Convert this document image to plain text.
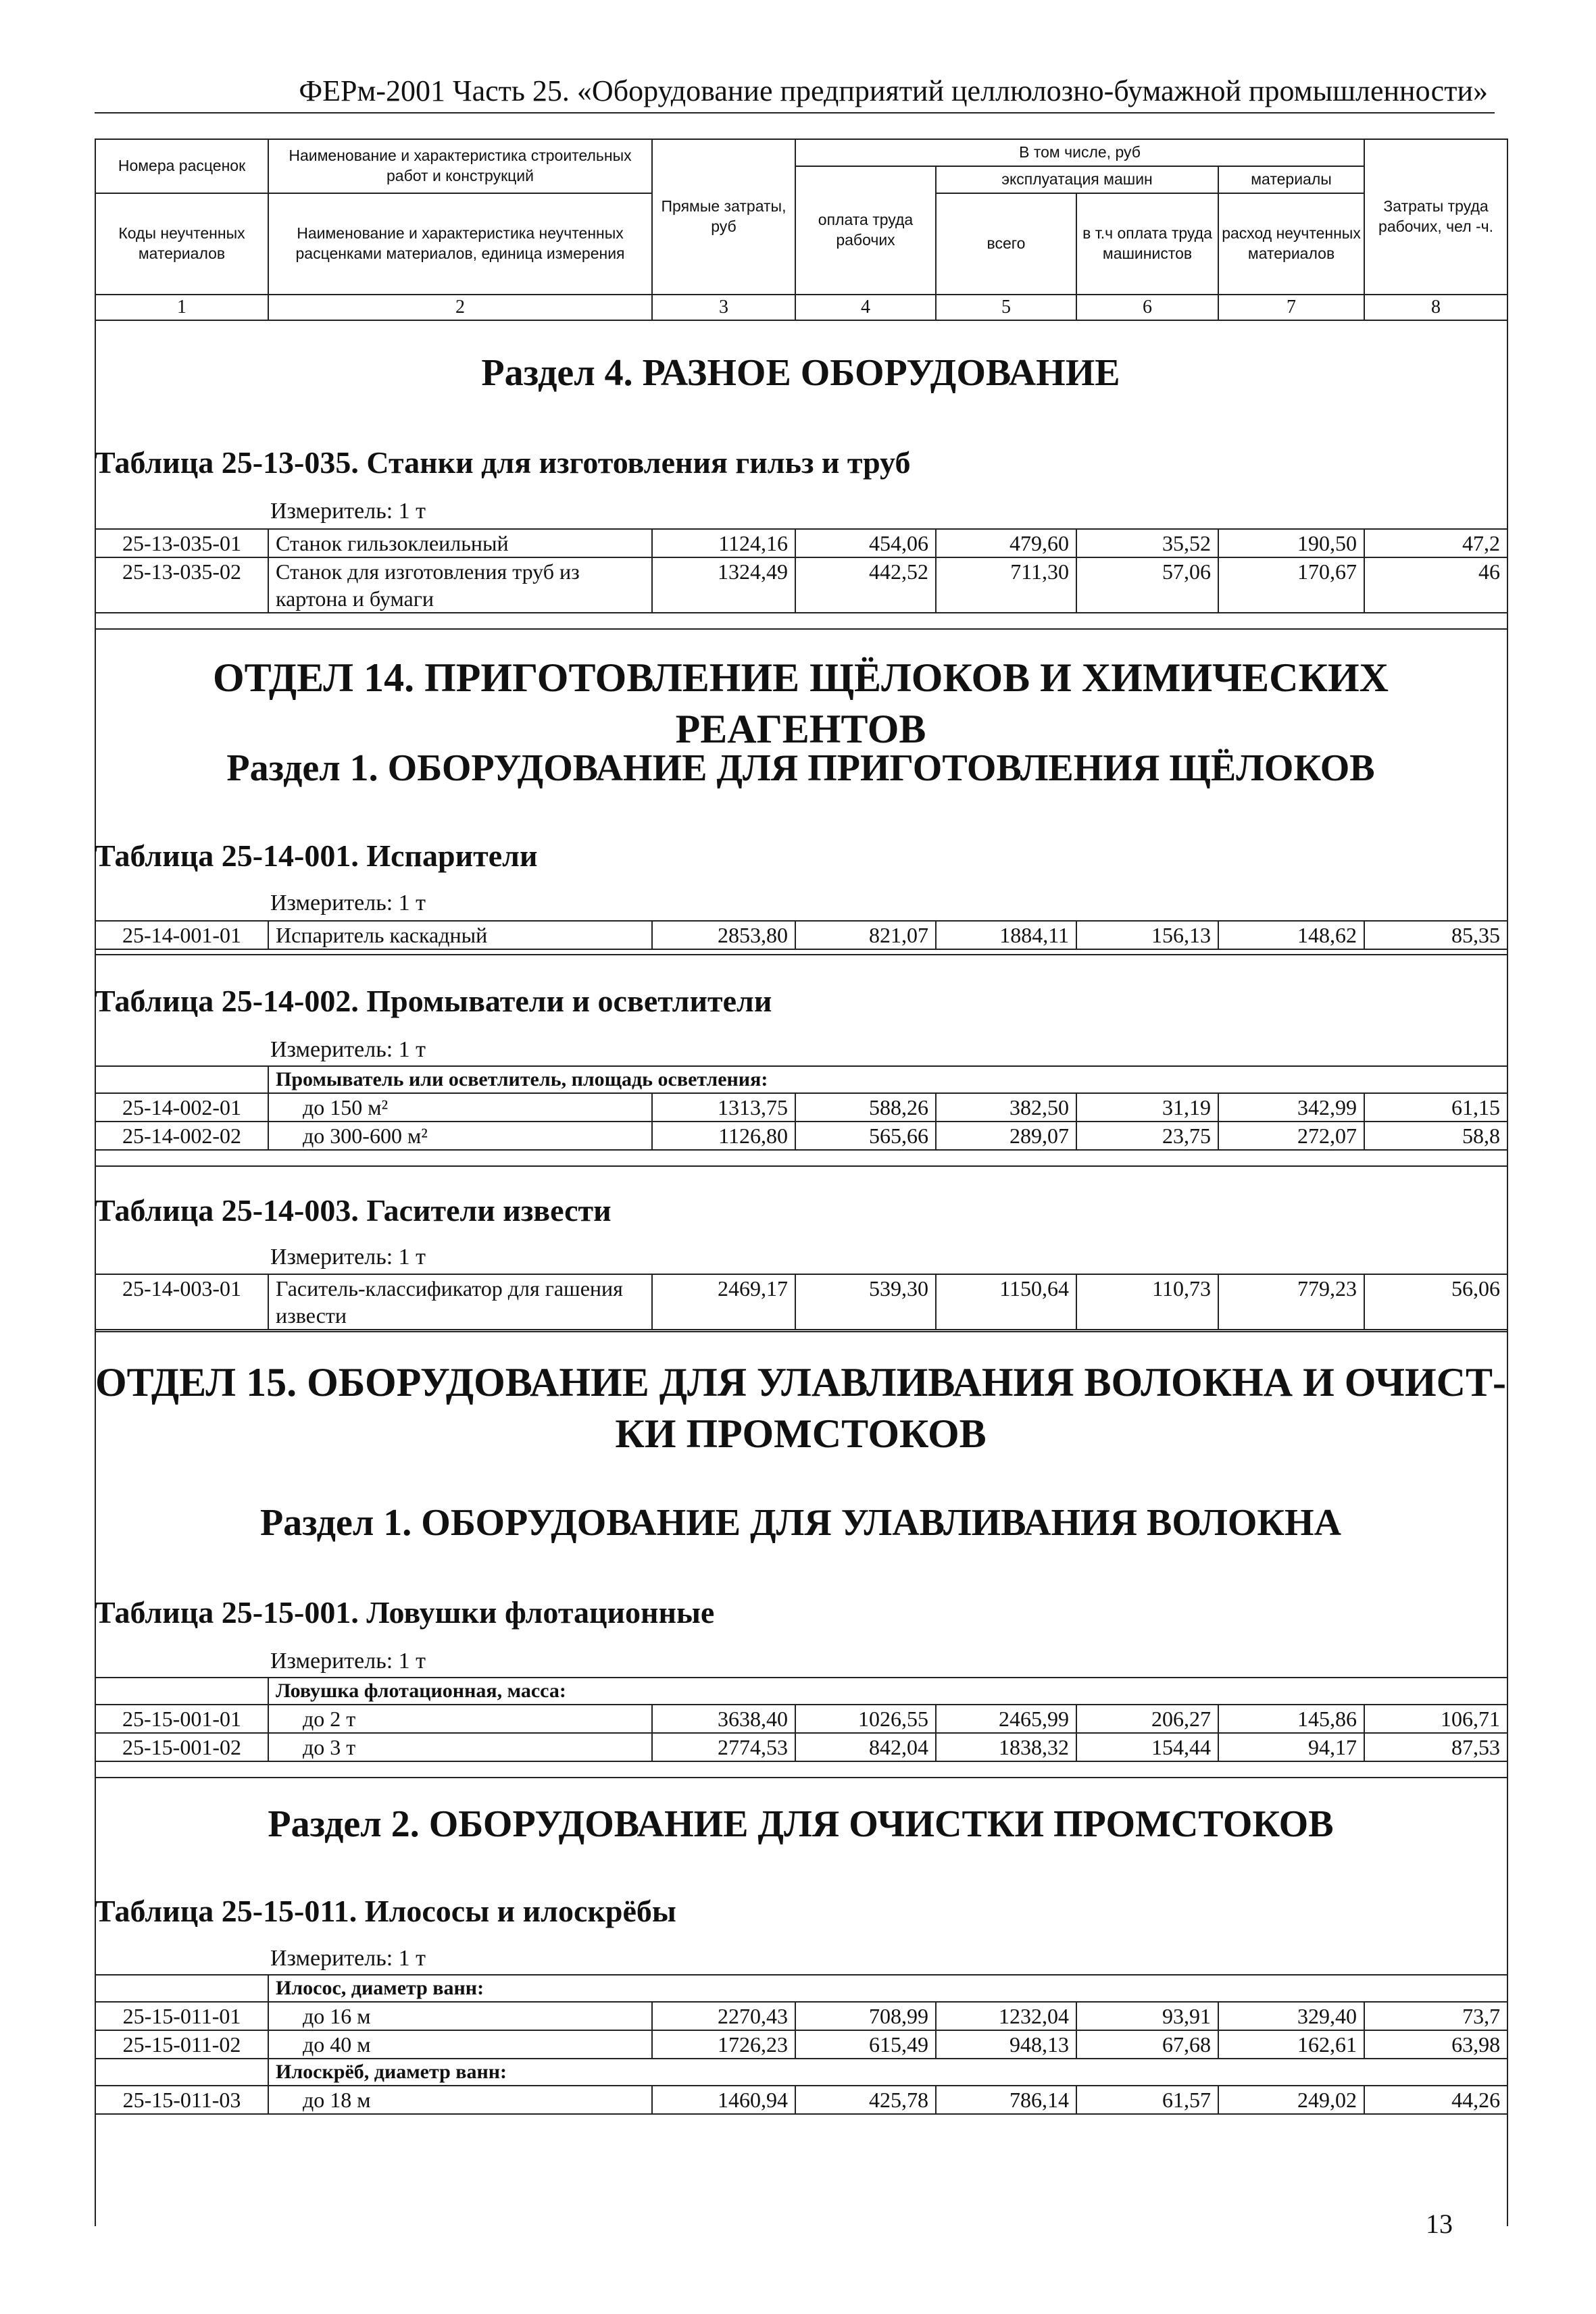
ФЕРм-2001 Часть 25. «Оборудование предприятий целлюлозно-бумажной промышленности»
Номера расценок	Наименование и характеристика строительных работ и конструкций	Прямые затраты, руб	В том числе, руб				Затраты труда рабочих, чел -ч.
			оплата труда рабочих	эксплуатация машин		материалы	
Коды неучтенных материалов	Наименование и характеристика неучтенных расценками материалов, единица измерения			всего	в т.ч оплата труда машинистов	расход неучтенных материалов	

1	2	3	4	5	6	7	8
Раздел 4. РАЗНОЕ ОБОРУДОВАНИЕ
Таблица 25-13-035. Станки для изготовления гильз и труб
Измеритель: 1 т
25-13-035-01	Станок гильзоклеильный	1124,16	454,06	479,60	35,52	190,50	47,2
25-13-035-02	Станок для изготовления труб из картона и бумаги	1324,49	442,52	711,30	57,06	170,67	46
ОТДЕЛ 14. ПРИГОТОВЛЕНИЕ ЩЁЛОКОВ И ХИМИЧЕСКИХ РЕАГЕНТОВ
Раздел 1. ОБОРУДОВАНИЕ ДЛЯ ПРИГОТОВЛЕНИЯ ЩЁЛОКОВ
Таблица 25-14-001. Испарители
Измеритель: 1 т
25-14-001-01	Испаритель каскадный	2853,80	821,07	1884,11	156,13	148,62	85,35
Таблица 25-14-002. Промыватели и осветлители
Измеритель: 1 т
	Промыватель или осветлитель, площадь осветления:						
25-14-002-01	до 150 м²	1313,75	588,26	382,50	31,19	342,99	61,15
25-14-002-02	до 300-600 м²	1126,80	565,66	289,07	23,75	272,07	58,8
Таблица 25-14-003. Гасители извести
Измеритель: 1 т
25-14-003-01	Гаситель-классификатор для гашения извести	2469,17	539,30	1150,64	110,73	779,23	56,06
ОТДЕЛ 15. ОБОРУДОВАНИЕ ДЛЯ УЛАВЛИВАНИЯ ВОЛОКНА И ОЧИСТ-
КИ ПРОМСТОКОВ
Раздел 1. ОБОРУДОВАНИЕ ДЛЯ УЛАВЛИВАНИЯ ВОЛОКНА
Таблица 25-15-001. Ловушки флотационные
Измеритель: 1 т
	Ловушка флотационная, масса:						
25-15-001-01	до 2 т	3638,40	1026,55	2465,99	206,27	145,86	106,71
25-15-001-02	до 3 т	2774,53	842,04	1838,32	154,44	94,17	87,53
Раздел 2. ОБОРУДОВАНИЕ ДЛЯ ОЧИСТКИ ПРОМСТОКОВ
Таблица 25-15-011. Илососы и илоскрёбы
Измеритель: 1 т
	Илосос, диаметр ванн:						
25-15-011-01	до 16 м	2270,43	708,99	1232,04	93,91	329,40	73,7
25-15-011-02	до 40 м	1726,23	615,49	948,13	67,68	162,61	63,98
	Илоскрёб, диаметр ванн:						
25-15-011-03	до 18 м	1460,94	425,78	786,14	61,57	249,02	44,26
13
